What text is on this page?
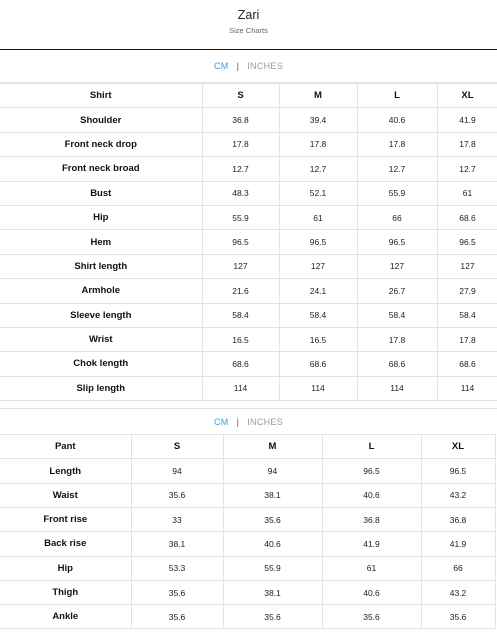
Zari
Size Charts
CM | INCHES
Shirt	S	M	L	XL
Shoulder	36.8	39.4	40.6	41.9
Front neck drop	17.8	17.8	17.8	17.8
Front neck broad	12.7	12.7	12.7	12.7
Bust	48.3	52.1	55.9	61
Hip	55.9	61	66	68.6
Hem	96.5	96.5	96.5	96.5
Shirt length	127	127	127	127
Armhole	21.6	24.1	26.7	27.9
Sleeve length	58.4	58.4	58.4	58.4
Wrist	16.5	16.5	17.8	17.8
Chok length	68.6	68.6	68.6	68.6
Slip length	114	114	114	114
CM | INCHES
Pant	S	M	L	XL
Length	94	94	96.5	96.5
Waist	35.6	38.1	40.6	43.2
Front rise	33	35.6	36.8	36.8
Back rise	38.1	40.6	41.9	41.9
Hip	53.3	55.9	61	66
Thigh	35.6	38.1	40.6	43.2
Ankle	35.6	35.6	35.6	35.6
